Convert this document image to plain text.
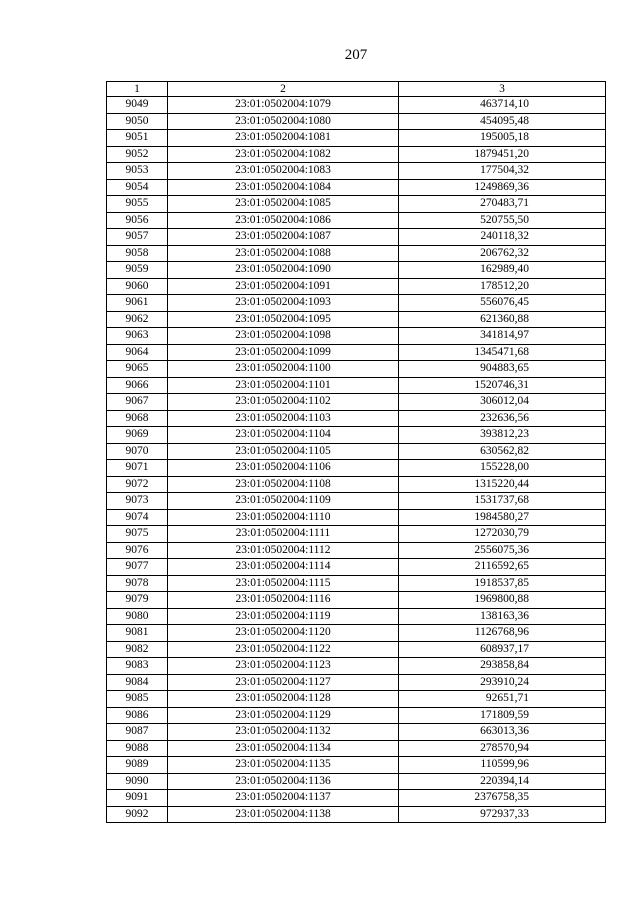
207
1	2	3
9049	23:01:0502004:1079	463714,10
9050	23:01:0502004:1080	454095,48
9051	23:01:0502004:1081	195005,18
9052	23:01:0502004:1082	1879451,20
9053	23:01:0502004:1083	177504,32
9054	23:01:0502004:1084	1249869,36
9055	23:01:0502004:1085	270483,71
9056	23:01:0502004:1086	520755,50
9057	23:01:0502004:1087	240118,32
9058	23:01:0502004:1088	206762,32
9059	23:01:0502004:1090	162989,40
9060	23:01:0502004:1091	178512,20
9061	23:01:0502004:1093	556076,45
9062	23:01:0502004:1095	621360,88
9063	23:01:0502004:1098	341814,97
9064	23:01:0502004:1099	1345471,68
9065	23:01:0502004:1100	904883,65
9066	23:01:0502004:1101	1520746,31
9067	23:01:0502004:1102	306012,04
9068	23:01:0502004:1103	232636,56
9069	23:01:0502004:1104	393812,23
9070	23:01:0502004:1105	630562,82
9071	23:01:0502004:1106	155228,00
9072	23:01:0502004:1108	1315220,44
9073	23:01:0502004:1109	1531737,68
9074	23:01:0502004:1110	1984580,27
9075	23:01:0502004:1111	1272030,79
9076	23:01:0502004:1112	2556075,36
9077	23:01:0502004:1114	2116592,65
9078	23:01:0502004:1115	1918537,85
9079	23:01:0502004:1116	1969800,88
9080	23:01:0502004:1119	138163,36
9081	23:01:0502004:1120	1126768,96
9082	23:01:0502004:1122	608937,17
9083	23:01:0502004:1123	293858,84
9084	23:01:0502004:1127	293910,24
9085	23:01:0502004:1128	92651,71
9086	23:01:0502004:1129	171809,59
9087	23:01:0502004:1132	663013,36
9088	23:01:0502004:1134	278570,94
9089	23:01:0502004:1135	110599,96
9090	23:01:0502004:1136	220394,14
9091	23:01:0502004:1137	2376758,35
9092	23:01:0502004:1138	972937,33
